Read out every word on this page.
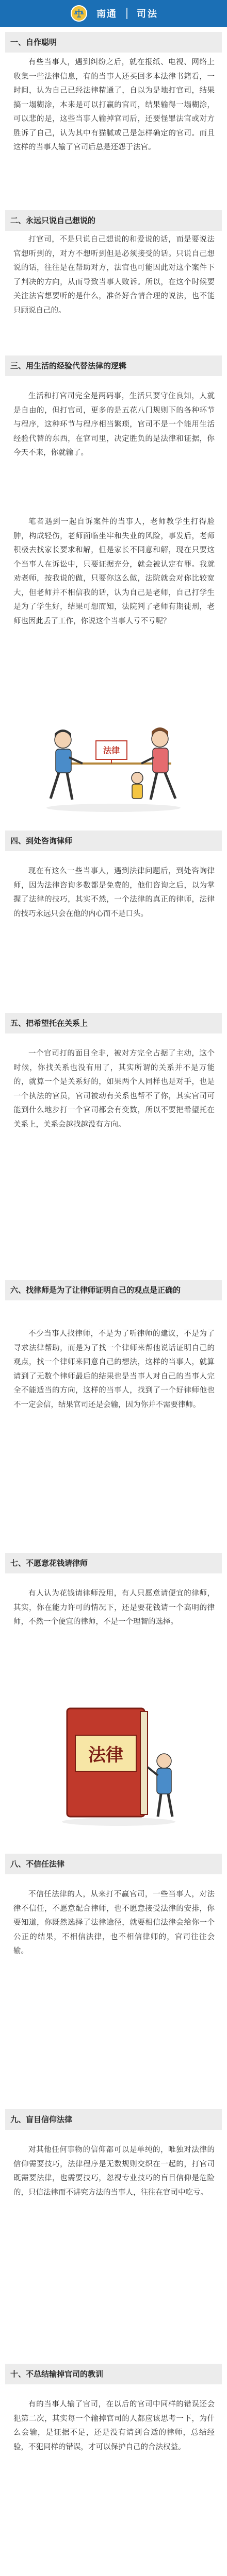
南通 司法
一、自作聪明

有些当事人，遇到纠纷之后，就在报纸、电视、网络上收集一些法律信息，有的当事人还买回多本法律书籍看，一时间，认为自己已经法律精通了，自以为是地打官司，结果搞一塌糊涂，本来是可以打赢的官司，结果输得一塌糊涂，可以悲的是，这些当事人输掉官司后，还要怪罪法官或对方胜诉了自己，认为其中有猫腻或己是怎样确定的官司。而且这样的当事人输了官司后总是还怨于法官。

二、永远只说自己想说的

打官司，不是只说自己想说的和爱说的话，而是要说法官想听到的，对方不想听到但是必须接受的话。只说自己想说的话，往往是在帮助对方，法官也可能因此对这个案件下了判决的方向，从而导致当事人败诉。所以，在这个时候要关注法官想要听的是什么，准备好合情合理的说法，也不能只顾说自己的。

三、用生活的经验代替法律的逻辑

生活和打官司完全是两码事，生活只要守住良知，人就是自由的，但打官司，更多的是五花八门规则下的各种环节与程序，这种环节与程序相当繁琐，官司不是一个能用生活经验代替的东西，在官司里，决定胜负的是法律和证据，你今天不来，你就输了。

笔者遇到一起自诉案件的当事人，老师教学生打得脸肿，构成轻伤，老师面临坐牢和失业的风险，事发后，老师积极去找家长要求和解，但是家长不同意和解，现在只要这个当事人在诉讼中，只要证据充分，就会被认定有罪。我就劝老师，按我说的做，只要你这么做，法院就会对你比较宽大，但老师并不相信我的话，认为自己是老师，自己打学生是为了学生好，结果可想而知，法院判了老师有期徒刑，老师也因此丢了工作，你说这个当事人亏不亏呢？

法律
四、到处咨询律师

现在有这么一些当事人，遇到法律问题后，到处咨询律师，因为法律咨询多数都是免费的，他们咨询之后，以为掌握了法律的技巧，其实不然，一个法律的真正的律师，法律的技巧永远只会在他的内心而不是口头。

五、把希望托在关系上

一个官司打的面目全非，被对方完全占据了主动，这个时候，你找关系也没有用了，其实所谓的关系并不是万能的，就算一个是关系好的，如果两个人同样也是对手，也是一个执法的官员，官司被动有关系也帮不了你，其实官司可能到什么地步打一个官司都会有变数，所以不要把希望托在关系上，关系会越找越没有方向。

六、找律师是为了让律师证明自己的观点是正确的

不少当事人找律师，不是为了听律师的建议，不是为了寻求法律帮助，而是为了找一个律师来帮他说话证明自己的观点，找一个律师来同意自己的想法，这样的当事人，就算请到了无数个律师最后的结果也是当事人对自己的当事人完全不能适当的方向，这样的当事人，找到了一个好律师他也不一定会信，结果官司还是会输，因为你并不需要律师。

七、不愿意花钱请律师

有人认为花钱请律师没用，有人只愿意请便宜的律师，其实，你在能力许可的情况下，还是要花钱请一个高明的律师，不然一个便宜的律师，不是一个理智的选择。

法律
八、不信任法律

不信任法律的人，从来打不赢官司，一些当事人，对法律不信任，不愿意配合律师，也不愿意接受法律的安排，你要知道，你既然选择了法律途径，就要相信法律会给你一个公正的结果，不相信法律，也不相信律师的，官司往往会输。

九、盲目信仰法律

对其他任何事物的信仰都可以是单纯的，唯独对法律的信仰需要技巧，法律程序是无数规则交织在一起的，打官司既需要法律，也需要技巧，忽视专业技巧的盲目信仰是危险的，只信法律而不讲究方法的当事人，往往在官司中吃亏。

十、不总结输掉官司的教训

有的当事人输了官司，在以后的官司中同样的错误还会犯第二次，其实每一个输掉官司的人都应该思考一下，为什么会输，是证据不足，还是没有请到合适的律师，总结经验，不犯同样的错误，才可以保护自己的合法权益。
